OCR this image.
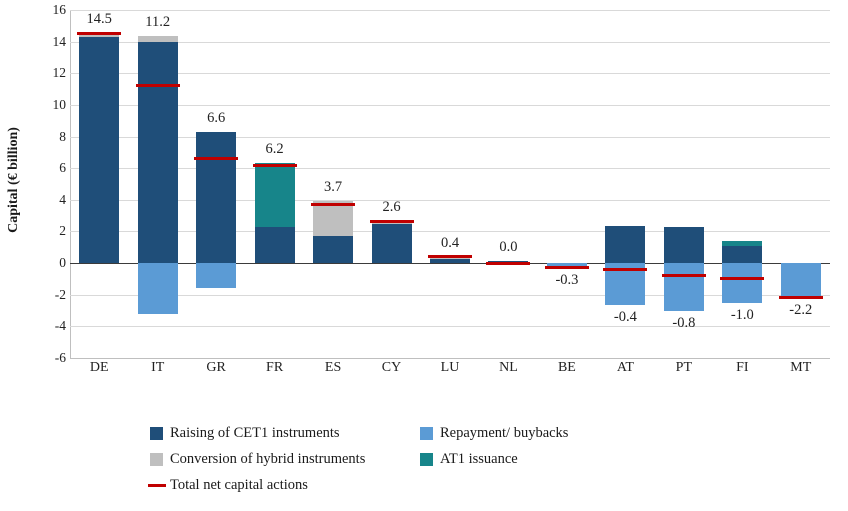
Capital (€ billion)
16
14
12
10
8
6
4
2
0
-2
-4
-6
14.5	11.2
6.6
6.2
3.7
2.6
0.4	0.0
-0.3
-0.4	-0.8	-1.0	-2.2
DE	IT	GR	FR	ES	CY	LU	NL	BE	AT	PT	FI	MT
Raising of CET1 instruments	Repayment/ buybacks
Conversion of hybrid instruments	AT1 issuance
Total net capital actions
